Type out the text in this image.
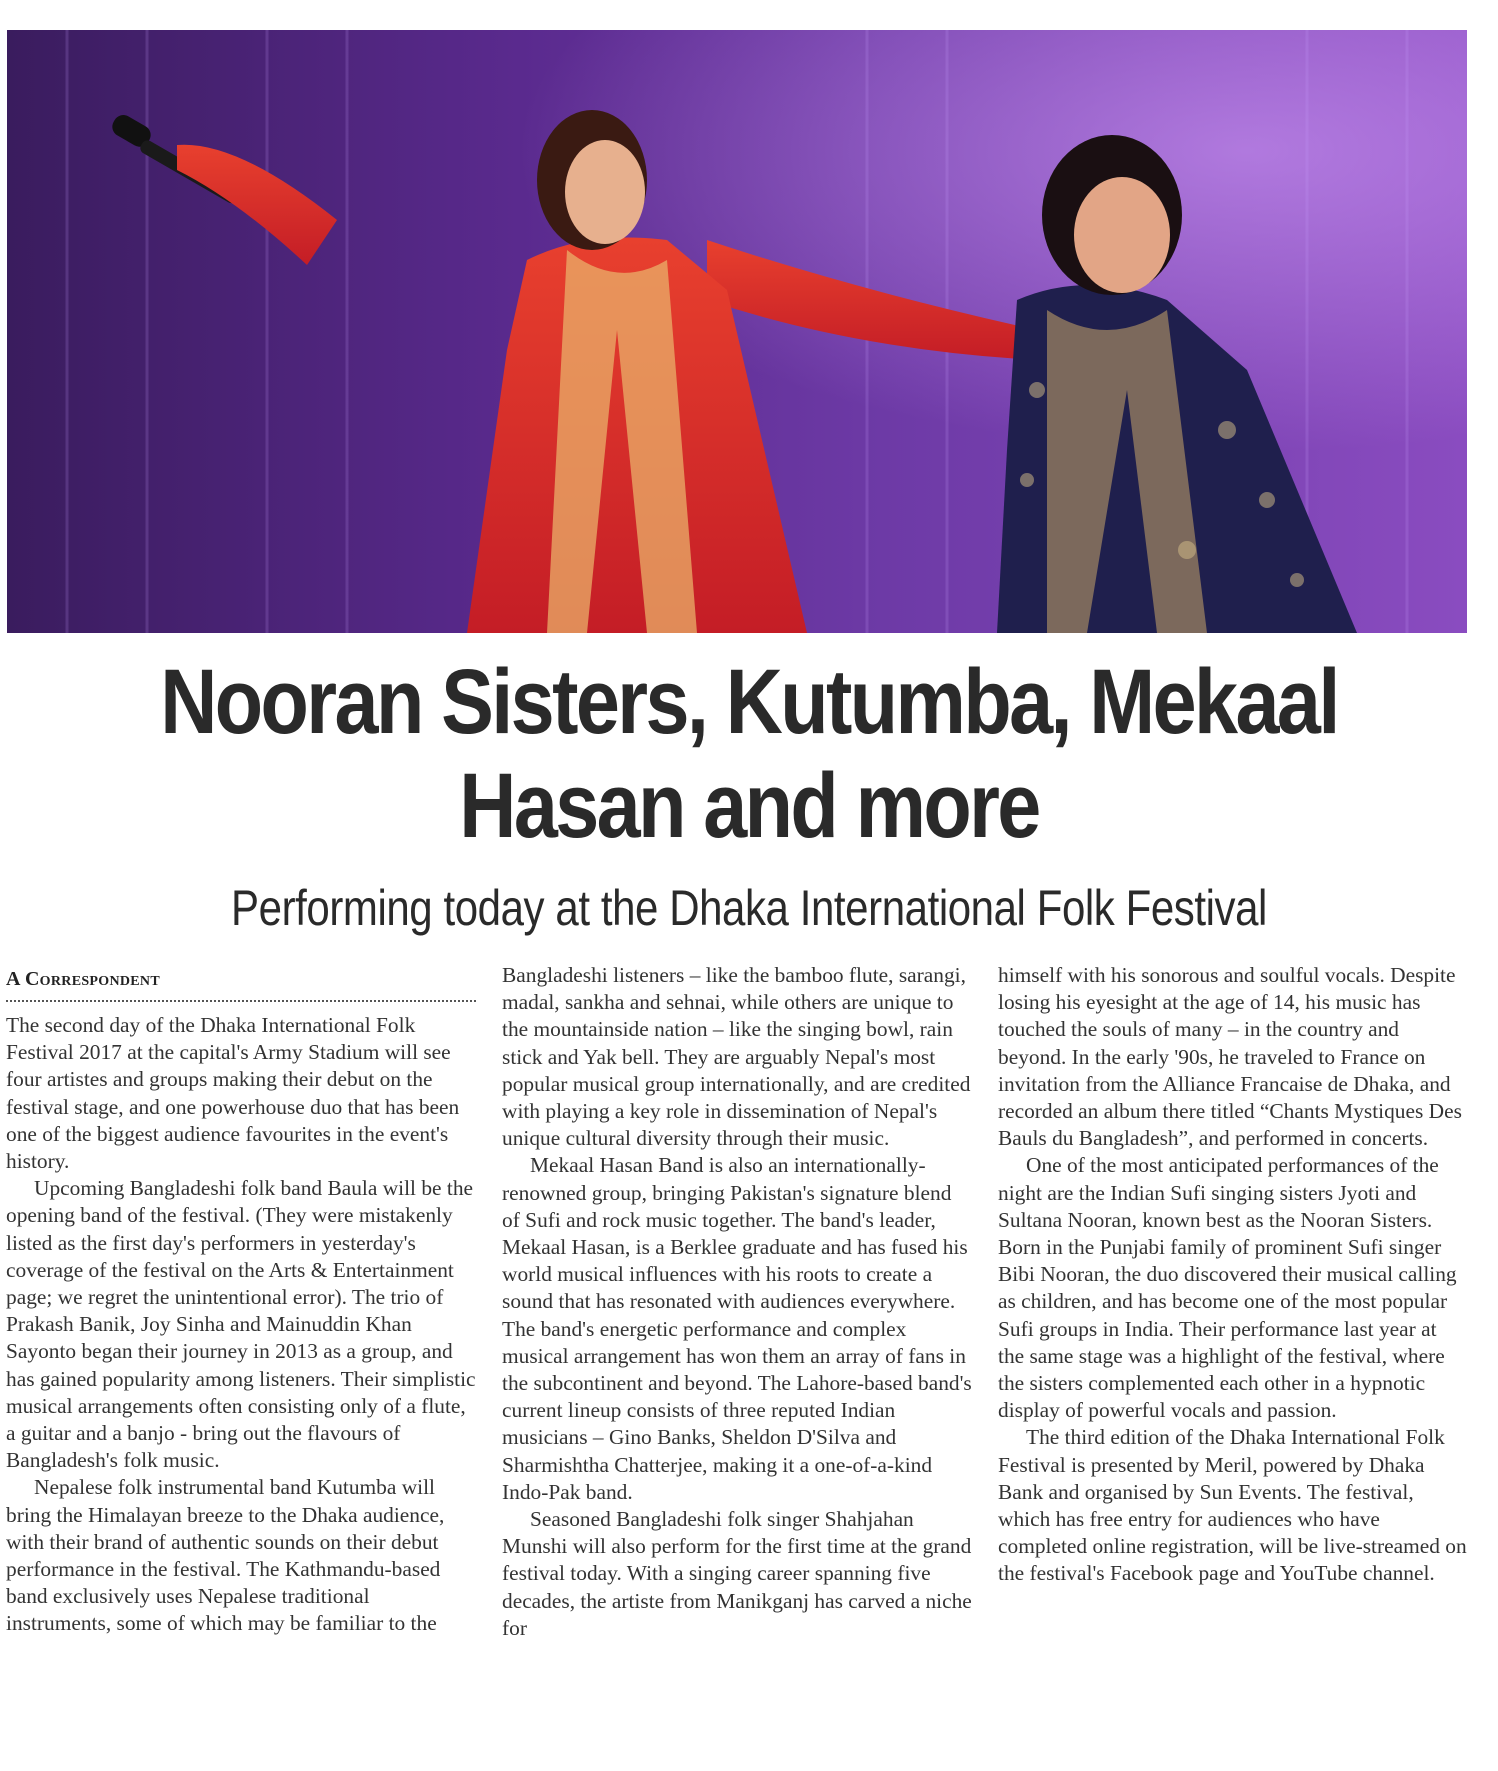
Nooran Sisters, Kutumba, Mekaal
Hasan and more
Performing today at the Dhaka International Folk Festival
A Correspondent

The second day of the Dhaka International Folk Festival 2017 at the capital's Army Stadium will see four artistes and groups making their debut on the festival stage, and one powerhouse duo that has been one of the biggest audience favourites in the event's history.

Upcoming Bangladeshi folk band Baula will be the opening band of the festival. (They were mistakenly listed as the first day's performers in yesterday's coverage of the festival on the Arts & Entertainment page; we regret the unintentional error). The trio of Prakash Banik, Joy Sinha and Mainuddin Khan Sayonto began their journey in 2013 as a group, and has gained popularity among listeners. Their simplistic musical arrangements often consisting only of a flute, a guitar and a banjo - bring out the flavours of Bangladesh's folk music.

Nepalese folk instrumental band Kutumba will bring the Himalayan breeze to the Dhaka audience, with their brand of authentic sounds on their debut performance in the festival. The Kathmandu-based band exclusively uses Nepalese traditional instruments, some of which may be familiar to the

Bangladeshi listeners – like the bamboo flute, sarangi, madal, sankha and sehnai, while others are unique to the mountainside nation – like the singing bowl, rain stick and Yak bell. They are arguably Nepal's most popular musical group internationally, and are credited with playing a key role in dissemination of Nepal's unique cultural diversity through their music.

Mekaal Hasan Band is also an internationally-renowned group, bringing Pakistan's signature blend of Sufi and rock music together. The band's leader, Mekaal Hasan, is a Berklee graduate and has fused his world musical influences with his roots to create a sound that has resonated with audiences everywhere. The band's energetic performance and complex musical arrangement has won them an array of fans in the subcontinent and beyond. The Lahore-based band's current lineup consists of three reputed Indian musicians – Gino Banks, Sheldon D'Silva and Sharmishtha Chatterjee, making it a one-of-a-kind Indo-Pak band.

Seasoned Bangladeshi folk singer Shahjahan Munshi will also perform for the first time at the grand festival today. With a singing career spanning five decades, the artiste from Manikganj has carved a niche for

himself with his sonorous and soulful vocals. Despite losing his eyesight at the age of 14, his music has touched the souls of many – in the country and beyond. In the early '90s, he traveled to France on invitation from the Alliance Francaise de Dhaka, and recorded an album there titled “Chants Mystiques Des Bauls du Bangladesh”, and performed in concerts.

One of the most anticipated performances of the night are the Indian Sufi singing sisters Jyoti and Sultana Nooran, known best as the Nooran Sisters. Born in the Punjabi family of prominent Sufi singer Bibi Nooran, the duo discovered their musical calling as children, and has become one of the most popular Sufi groups in India. Their performance last year at the same stage was a highlight of the festival, where the sisters complemented each other in a hypnotic display of powerful vocals and passion.

The third edition of the Dhaka International Folk Festival is presented by Meril, powered by Dhaka Bank and organised by Sun Events. The festival, which has free entry for audiences who have completed online registration, will be live-streamed on the festival's Facebook page and YouTube channel.
